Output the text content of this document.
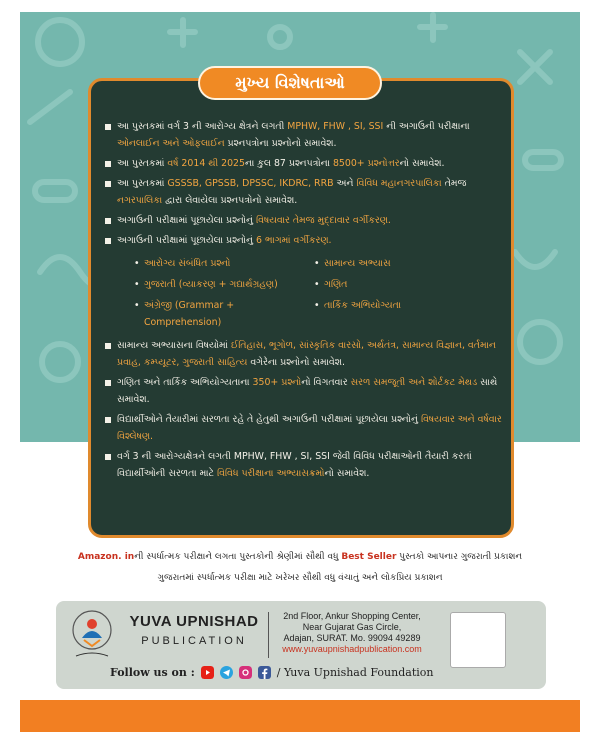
મુખ્ય વિશેષતાઓ
આ પુસ્તકમાં વર્ગ 3 ની આરોગ્ય ક્ષેત્રને લગતી MPHW, FHW , SI, SSI ની અગાઉની પરીક્ષાના ઓનલાઈન અને ઓફલાઈન પ્રશ્નપત્રોના પ્રશ્નોનો સમાવેશ.
આ પુસ્તકમાં વર્ષ 2014 થી 2025ના કુલ 87 પ્રશ્નપત્રોના 8500+ પ્રશ્નોત્તરનો સમાવેશ.
આ પુસ્તકમાં GSSSB, GPSSB, DPSSC, IKDRC, RRB અને વિવિધ મહાનગરપાલિકા તેમજ નગરપાલિકા દ્વારા લેવાયેલા પ્રશ્નપત્રોનો સમાવેશ.
અગાઉની પરીક્ષામાં પૂછાયેલા પ્રશ્નોનું વિષયવાર તેમજ મુદ્દાવાર વર્ગીકરણ.
અગાઉની પરીક્ષામાં પૂછાયેલા પ્રશ્નોનું 6 ભાગમાં વર્ગીકરણ.
• આરોગ્ય સંબંધિત પ્રશ્નો	• સામાન્ય અભ્યાસ
• ગુજરાતી (વ્યાકરણ + ગદ્યાર્થગ્રહણ)	• ગણિત
• અંગ્રેજી (Grammar + Comprehension)
• તાર્કિક અભિયોગ્યતા
સામાન્ય અભ્યાસના વિષયોમાં ઈતિહાસ, ભૂગોળ, સાંસ્કૃતિક વારસો, અર્થતંત્ર, સામાન્ય વિજ્ઞાન, વર્તમાન પ્રવાહ, કમ્પ્યૂટર, ગુજરાતી સાહિત્ય વગેરેના પ્રશ્નોનો સમાવેશ.
ગણિત અને તાર્કિક અભિયોગ્યતાના 350+ પ્રશ્નોનો વિગતવાર સરળ સમજૂતી અને શોર્ટકટ મેથડ સાથે સમાવેશ.
વિદ્યાર્થીઓને તૈયારીમાં સરળતા રહે તે હેતુથી અગાઉની પરીક્ષામાં પૂછાયેલા પ્રશ્નોનું વિષયવાર અને વર્ષવાર વિશ્લેષણ.
વર્ગ 3 ની આરોગ્યક્ષેત્રને લગતી MPHW, FHW , SI, SSI જેવી વિવિધ પરીક્ષાઓની તૈયારી કરતાં વિદ્યાર્થીઓની સરળતા માટે વિવિધ પરીક્ષાના અભ્યાસક્રમોનો સમાવેશ.
Amazon. inની સ્પર્ધાત્મક પરીક્ષાને લગતા પુસ્તકોની શ્રેણીમાં સૌથી વધુ Best Seller પુસ્તકો આપનાર ગુજરાતી પ્રકાશન
ગુજરાતમાં સ્પર્ધાત્મક પરીક્ષા માટે ખરેખર સૌથી વધુ વંચાતું અને લોકપ્રિય પ્રકાશન
YUVA UPNISHAD
PUBLICATION
2nd Floor, Ankur Shopping Center,
Near Gujarat Gas Circle,
Adajan, SURAT. Mo. 99094 49289
www.yuvaupnishadpublication.com
Follow us on :	/ Yuva Upnishad Foundation
